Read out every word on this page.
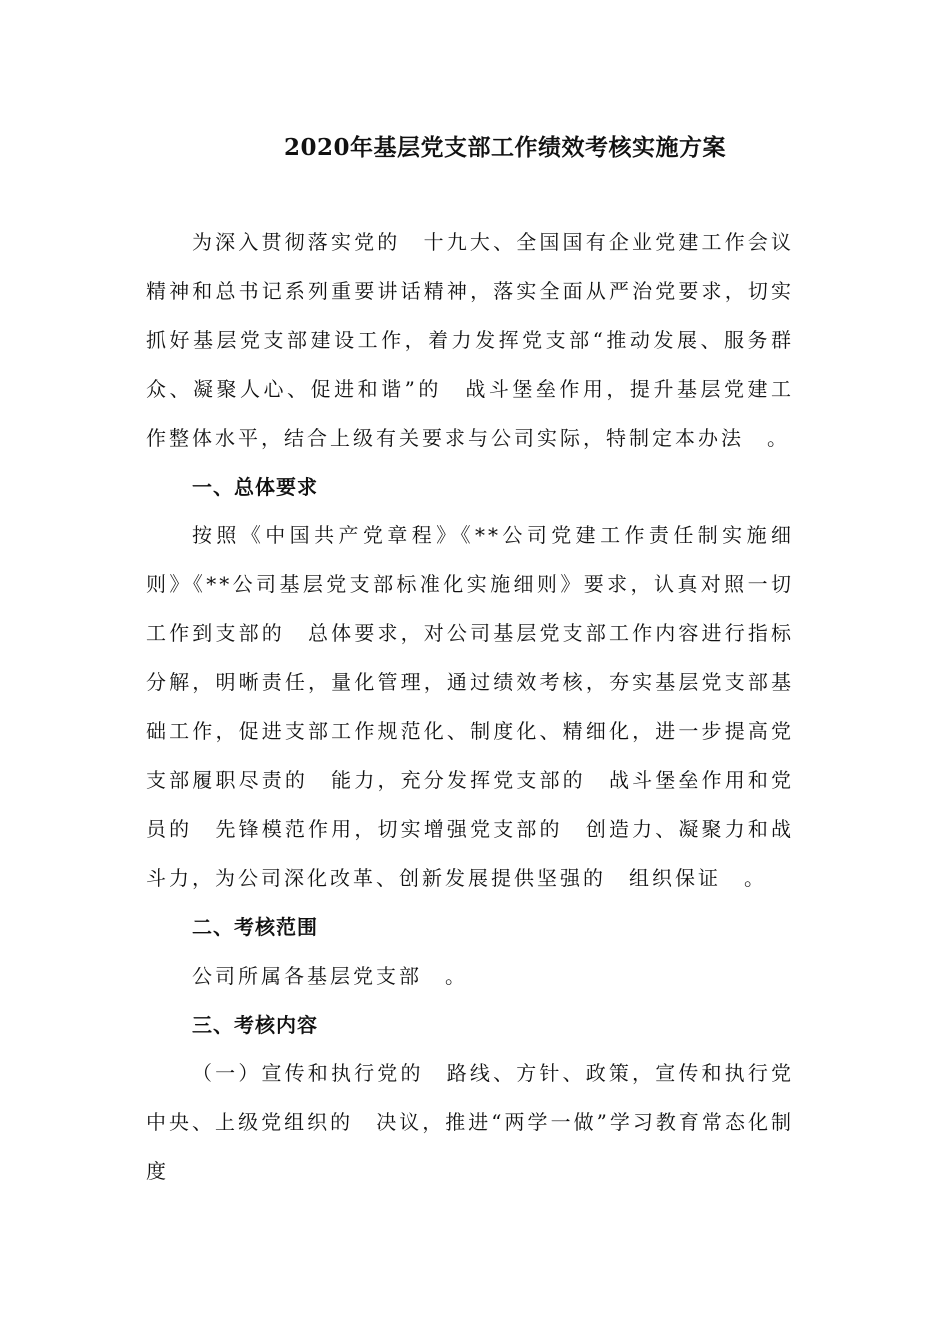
2020年基层党支部工作绩效考核实施方案

为深入贯彻落实党的　十九大、全国国有企业党建工作会议精神和总书记系列重要讲话精神，落实全面从严治党要求，切实抓好基层党支部建设工作，着力发挥党支部“推动发展、服务群众、凝聚人心、促进和谐”的　战斗堡垒作用，提升基层党建工作整体水平，结合上级有关要求与公司实际，特制定本办法　。

一、总体要求

按照《中国共产党章程》《**公司党建工作责任制实施细则》《**公司基层党支部标准化实施细则》要求，认真对照一切工作到支部的　总体要求，对公司基层党支部工作内容进行指标分解，明晰责任，量化管理，通过绩效考核，夯实基层党支部基础工作，促进支部工作规范化、制度化、精细化，进一步提高党支部履职尽责的　能力，充分发挥党支部的　战斗堡垒作用和党员的　先锋模范作用，切实增强党支部的　创造力、凝聚力和战斗力，为公司深化改革、创新发展提供坚强的　组织保证　。

二、考核范围

公司所属各基层党支部　。

三、考核内容

（一）宣传和执行党的　路线、方针、政策，宣传和执行党中央、上级党组织的　决议，推进“两学一做”学习教育常态化制度
